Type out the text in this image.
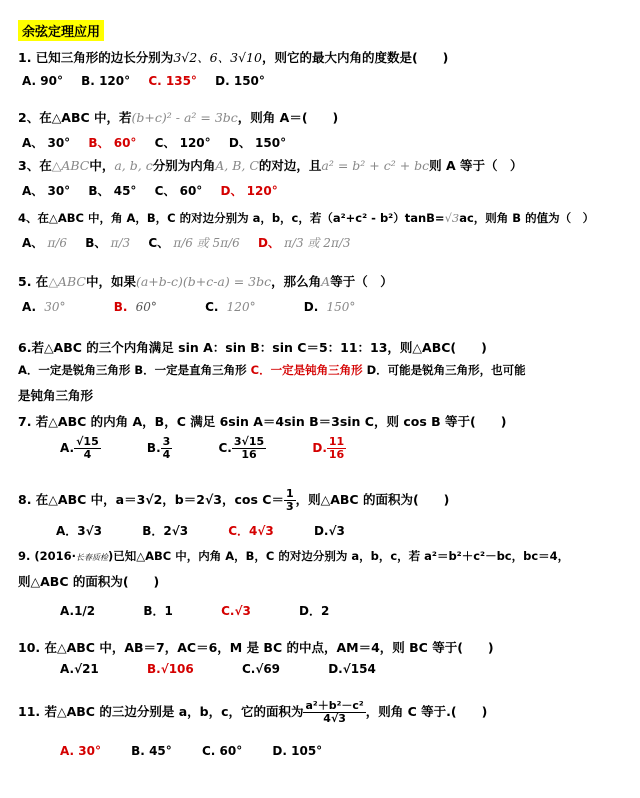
余弦定理应用
1. 已知三角形的边长分别为3√2、6、3√10，则它的最大内角的度数是(　　)
A. 90° B. 120° C. 135° D. 150°
2、在△ABC 中，若(b+c)² - a² = 3bc，则角 A＝(　　)
A、 30° B、 60° C、 120° D、 150°
3、在△ABC中，a, b, c分别为内角A, B, C的对边，且a² = b² + c² + bc则 A 等于（　）
A、 30° B、 45° C、 60° D、 120°
4、在△ABC 中，角 A，B，C 的对边分别为 a，b，c，若（a²+c² - b²）tanB=√3ac，则角 B 的值为（　）
A、 π/6 B、 π/3 C、 π/6 或 5π/6 D、 π/3 或 2π/3
5. 在△ABC中，如果(a+b-c)(b+c-a) = 3bc，那么角A等于（　）
A. 30°	B. 60°	C. 120°	D. 150°
6.若△ABC 的三个内角满足 sin A：sin B：sin C＝5：11：13，则△ABC(　　)
A．一定是锐角三角形 B．一定是直角三角形 C．一定是钝角三角形 D．可能是锐角三角形，也可能
是钝角三角形
7. 若△ABC 的内角 A，B，C 满足 6sin A＝4sin B＝3sin C，则 cos B 等于(　　)
A. $\frac{√15}{4}$	B. $\frac{3}{4}$	C. $\frac{3√15}{16}$	D. $\frac{11}{16}$
8. 在△ABC 中，a＝3√2，b＝2√3，$\cos C= \frac{1}{3}$ ，则△ABC 的面积为(　　)
A．3√3	B．2√3	C．4√3	D.√3
9. (2016·长春质检)已知△ABC 中，内角 A，B，C 的对边分别为 a，b，c，若 a²＝b²＋c²－bc，bc＝4，
则△ABC 的面积为(　　)
A.1/2	B．1	C.√3	D．2
10. 在△ABC 中，AB＝7，AC＝6，M 是 BC 的中点，AM＝4，则 BC 等于(　　)
A.√21	B.√106	C.√69	D.√154
11. 若△ABC 的三边分别是 a，b，c，它的面积为 $\frac{\text{a²＋b²－c²}}{4√3}$ ，则角 C 等于.(　　)
A. 30°	B. 45°	C. 60°	D. 105°
